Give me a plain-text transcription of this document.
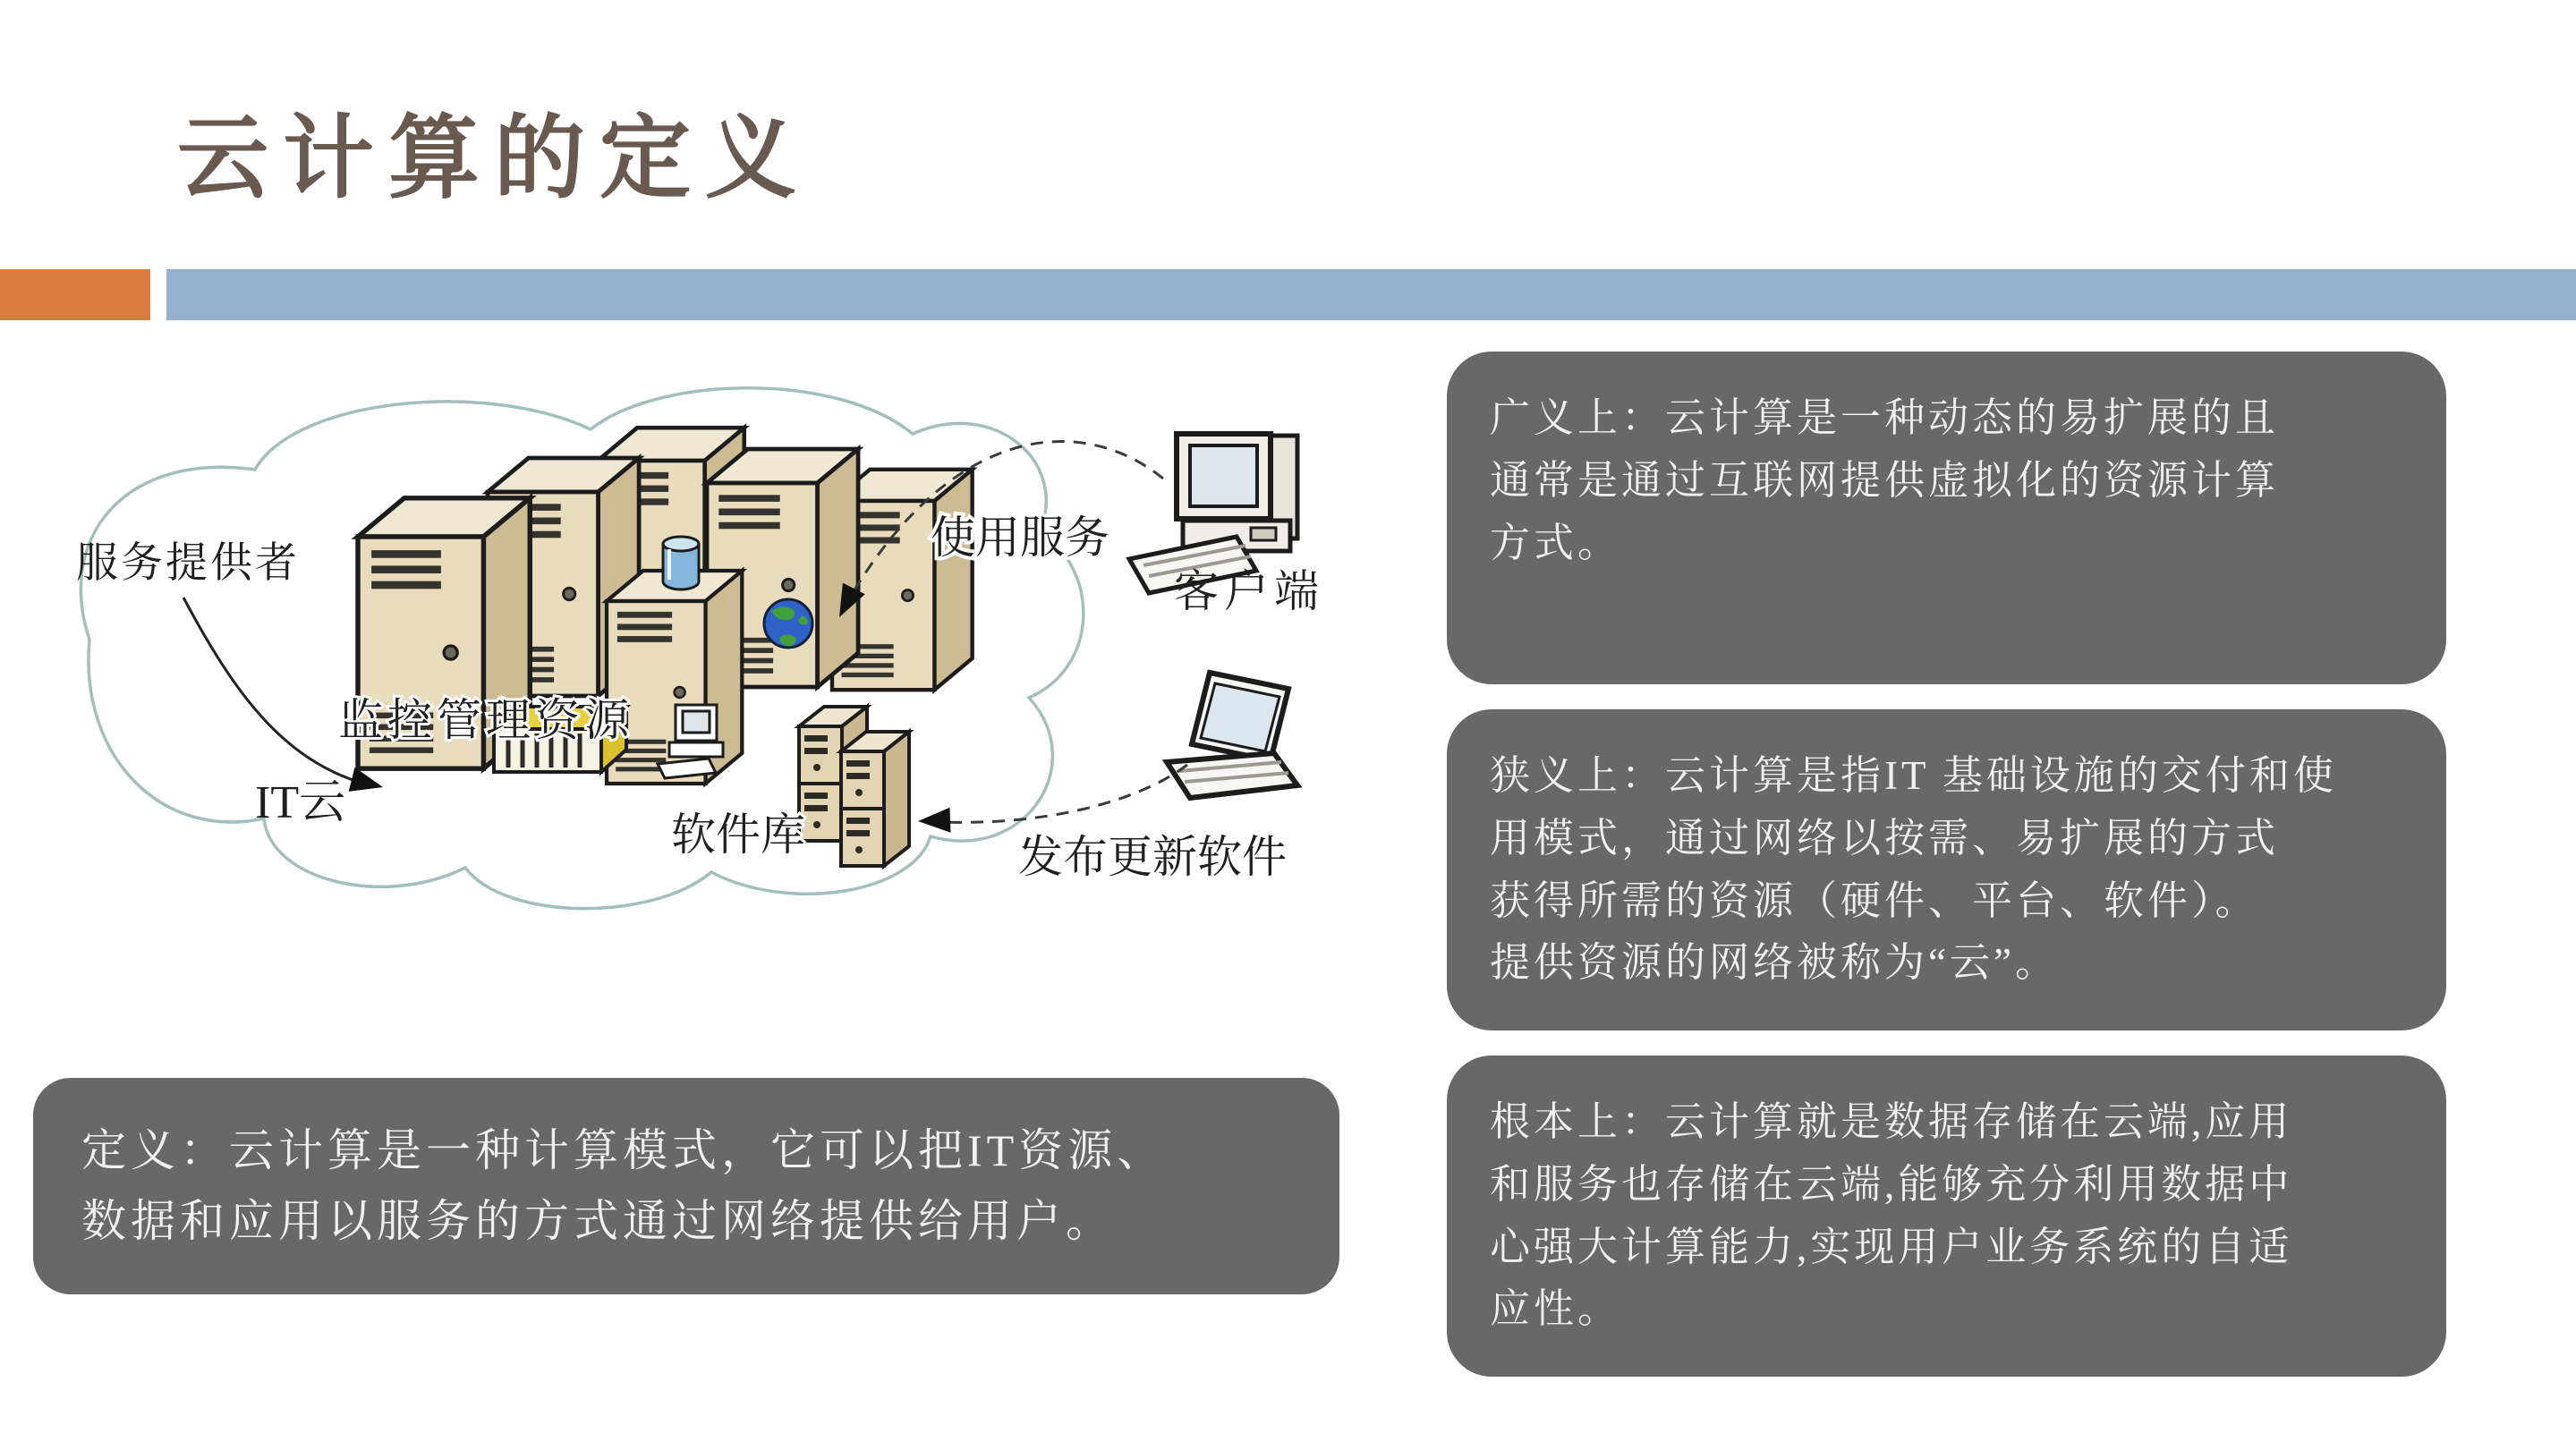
云计算的定义
服务提供者
监控管理资源
IT云
软件库
使用服务
客户端
发布更新软件
广义上：云计算是一种动态的易扩展的且
通常是通过互联网提供虚拟化的资源计算
方式。
狭义上：云计算是指IT 基础设施的交付和使
用模式，通过网络以按需、易扩展的方式
获得所需的资源（硬件、平台、软件）。
提供资源的网络被称为“云”。
根本上：云计算就是数据存储在云端,应用
和服务也存储在云端,能够充分利用数据中
心强大计算能力,实现用户业务系统的自适
应性。
定义：云计算是一种计算模式，它可以把IT资源、
数据和应用以服务的方式通过网络提供给用户。
